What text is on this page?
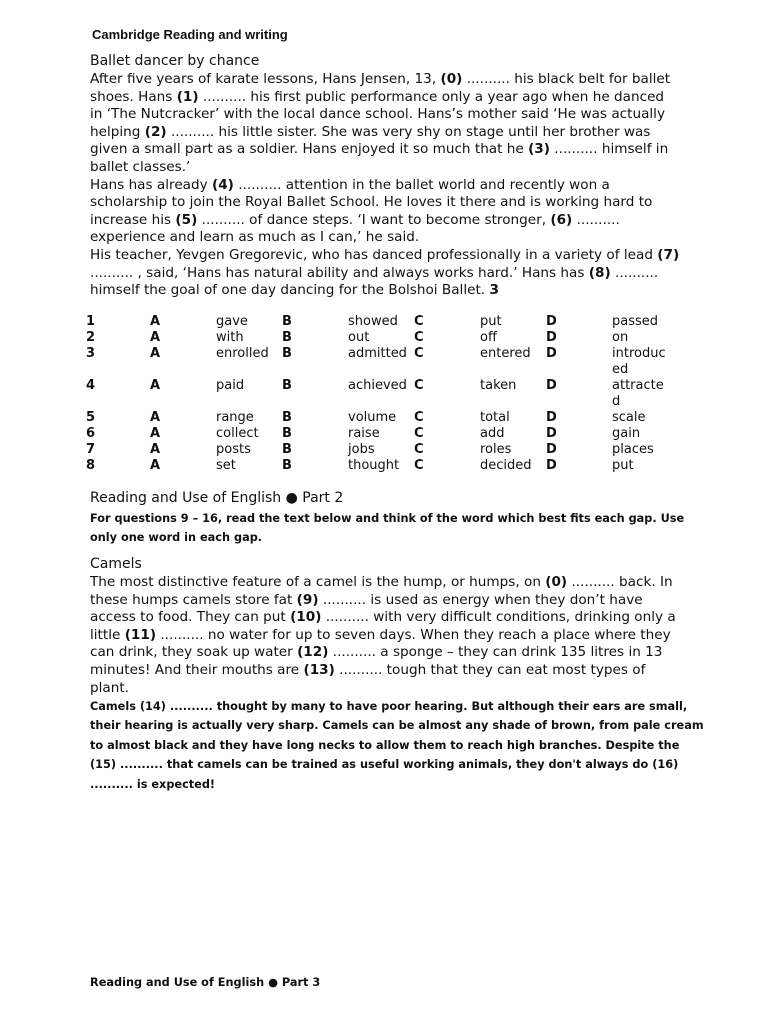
Cambridge Reading and writing
Ballet dancer by chance
After five years of karate lessons, Hans Jensen, 13, (0) .......... his black belt for ballet shoes. Hans (1) .......... his first public performance only a year ago when he danced in ‘The Nutcracker’ with the local dance school. Hans’s mother said ‘He was actually helping (2) .......... his little sister. She was very shy on stage until her brother was given a small part as a soldier. Hans enjoyed it so much that he (3) .......... himself in ballet classes.’
Hans has already (4) .......... attention in the ballet world and recently won a scholarship to join the Royal Ballet School. He loves it there and is working hard to increase his (5) .......... of dance steps. ‘I want to become stronger, (6) .......... experience and learn as much as I can,’ he said.
His teacher, Yevgen Gregorevic, who has danced professionally in a variety of lead (7) .......... , said, ‘Hans has natural ability and always works hard.’ Hans has (8) .......... himself the goal of one day dancing for the Bolshoi Ballet. 3
1	A	gave	B	showed	C	put	D	passed
2	A	with	B	out	C	off	D	on
3	A	enrolled	B	admitted	C	entered	D	introduced
4	A	paid	B	achieved	C	taken	D	attracted
5	A	range	B	volume	C	total	D	scale
6	A	collect	B	raise	C	add	D	gain
7	A	posts	B	jobs	C	roles	D	places
8	A	set	B	thought	C	decided	D	put
Reading and Use of English ● Part 2
For questions 9 – 16, read the text below and think of the word which best fits each gap. Use only one word in each gap.
Camels
The most distinctive feature of a camel is the hump, or humps, on (0) .......... back. In these humps camels store fat (9) .......... is used as energy when they don’t have access to food. They can put (10) .......... with very difficult conditions, drinking only a little (11) .......... no water for up to seven days. When they reach a place where they can drink, they soak up water (12) .......... a sponge – they can drink 135 litres in 13 minutes! And their mouths are (13) .......... tough that they can eat most types of plant.
Camels (14) .......... thought by many to have poor hearing. But although their ears are small, their hearing is actually very sharp. Camels can be almost any shade of brown, from pale cream to almost black and they have long necks to allow them to reach high branches. Despite the (15) .......... that camels can be trained as useful working animals, they don't always do (16) .......... is expected!
Reading and Use of English ● Part 3
